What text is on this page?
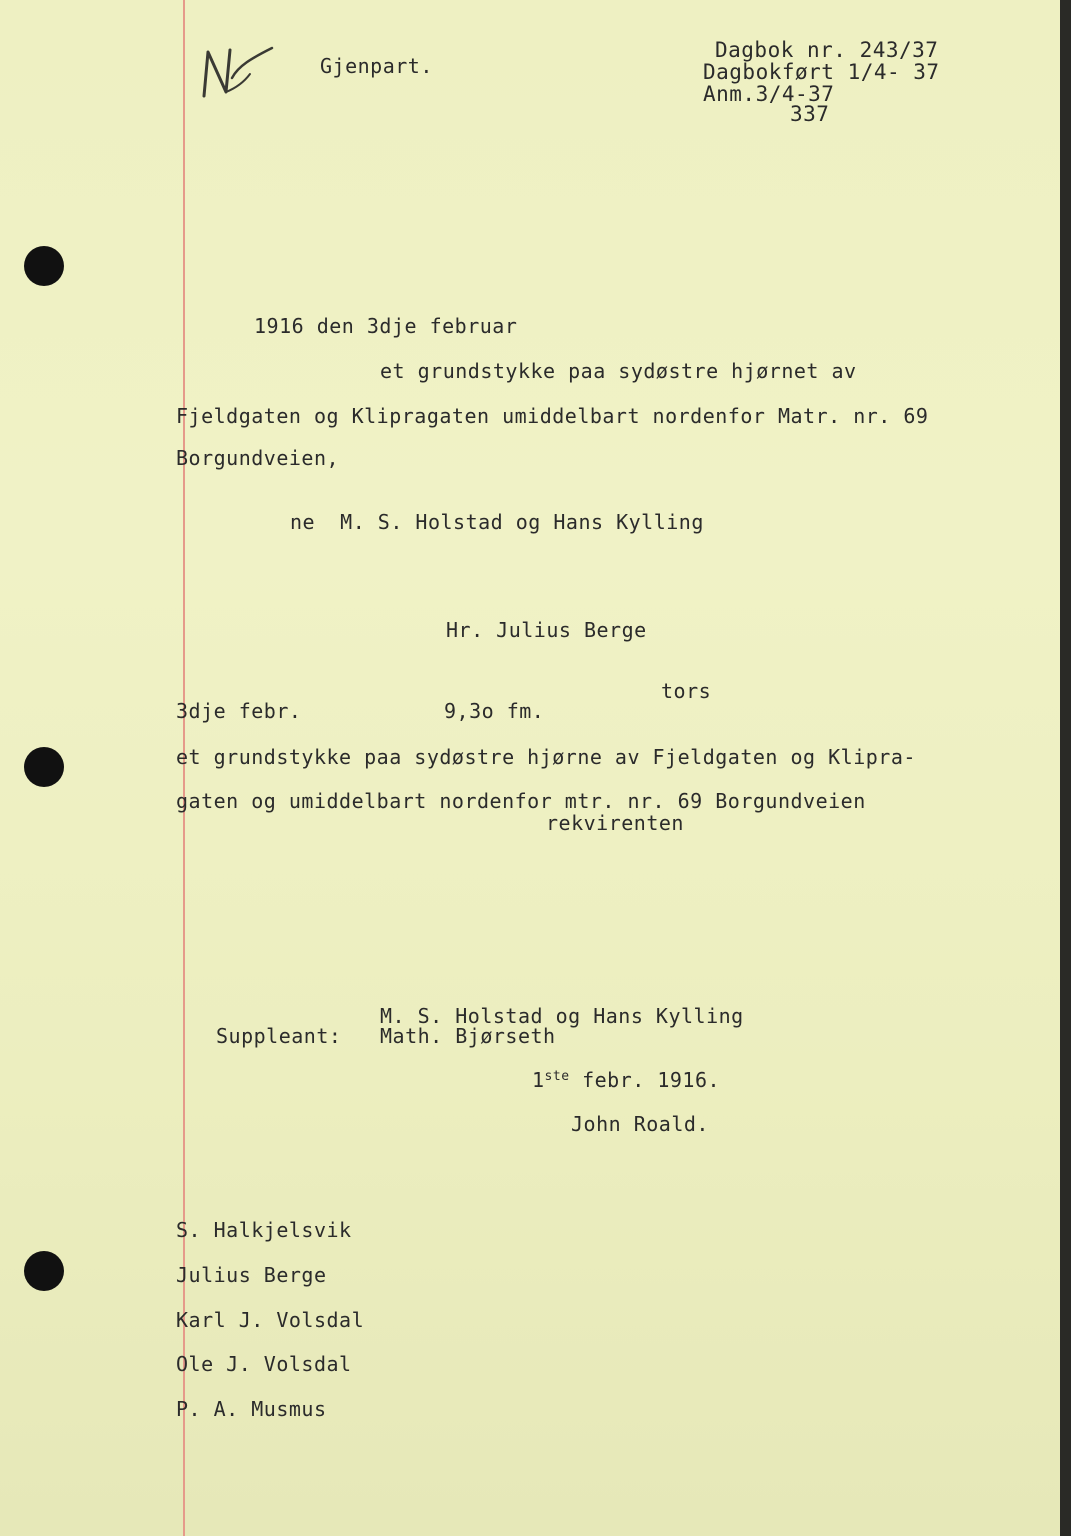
Gjenpart.
Dagbok nr. 243/37
Dagbokført 1/4- 37
Anm.3/4-37
337
1916 den 3dje februar
et grundstykke paa sydøstre hjørnet av
Fjeldgaten og Klipragaten umiddelbart nordenfor Matr. nr. 69
Borgundveien,
ne  M. S. Holstad og Hans Kylling
Hr. Julius Berge
tors
3dje febr.	9,3o fm.
et grundstykke paa sydøstre hjørne av Fjeldgaten og Klipra-
gaten og umiddelbart nordenfor mtr. nr. 69 Borgundveien
rekvirenten
M. S. Holstad og Hans Kylling
Suppleant: Math. Bjørseth
1ste febr. 1916.
John Roald.
S. Halkjelsvik
Julius Berge
Karl J. Volsdal
Ole J. Volsdal
P. A. Musmus
